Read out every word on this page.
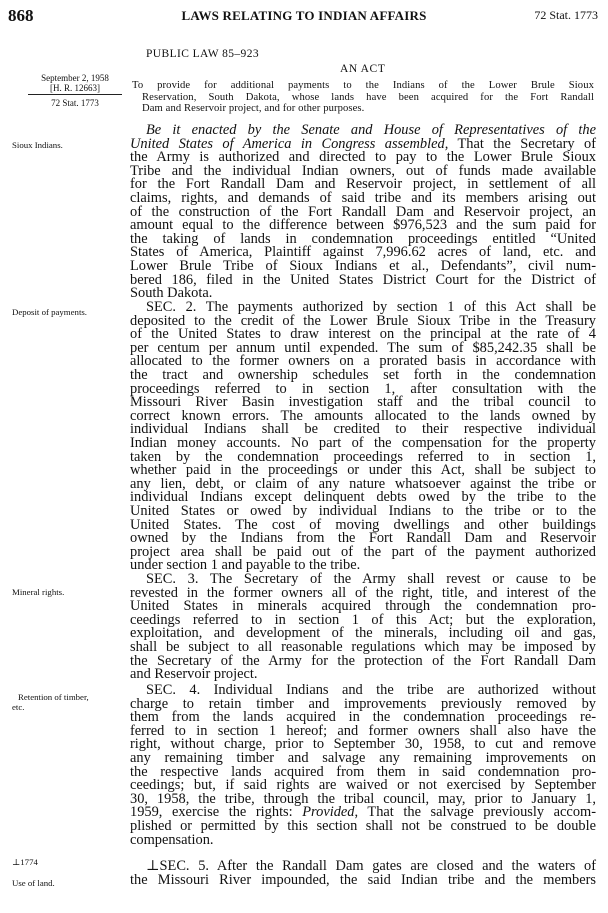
868	LAWS RELATING TO INDIAN AFFAIRS	72 Stat. 1773
PUBLIC LAW 85–923
AN ACT
To provide for additional payments to the Indians of the Lower Brule Sioux
Reservation, South Dakota, whose lands have been acquired for the Fort Randall
Dam and Reservoir project, and for other purposes.
September 2, 1958
[H. R. 12663]
72 Stat. 1773
Sioux Indians.
Deposit of payments.
Mineral rights.
Retention of timber,
etc.
⊥1774
Use of land.
Be it enacted by the Senate and House of Representatives of the
United States of America in Congress assembled, That the Secretary of
the Army is authorized and directed to pay to the Lower Brule Sioux
Tribe and the individual Indian owners, out of funds made available
for the Fort Randall Dam and Reservoir project, in settlement of all
claims, rights, and demands of said tribe and its members arising out
of the construction of the Fort Randall Dam and Reservoir project, an
amount equal to the difference between $976,523 and the sum paid for
the taking of lands in condemnation proceedings entitled “United
States of America, Plaintiff against 7,996.62 acres of land, etc. and
Lower Brule Tribe of Sioux Indians et al., Defendants”, civil num-
bered 186, filed in the United States District Court for the District of
South Dakota.
SEC. 2. The payments authorized by section 1 of this Act shall be
deposited to the credit of the Lower Brule Sioux Tribe in the Treasury
of the United States to draw interest on the principal at the rate of 4
per centum per annum until expended. The sum of $85,242.35 shall be
allocated to the former owners on a prorated basis in accordance with
the tract and ownership schedules set forth in the condemnation
proceedings referred to in section 1, after consultation with the
Missouri River Basin investigation staff and the tribal council to
correct known errors. The amounts allocated to the lands owned by
individual Indians shall be credited to their respective individual
Indian money accounts. No part of the compensation for the property
taken by the condemnation proceedings referred to in section 1,
whether paid in the proceedings or under this Act, shall be subject to
any lien, debt, or claim of any nature whatsoever against the tribe or
individual Indians except delinquent debts owed by the tribe to the
United States or owed by individual Indians to the tribe or to the
United States. The cost of moving dwellings and other buildings
owned by the Indians from the Fort Randall Dam and Reservoir
project area shall be paid out of the part of the payment authorized
under section 1 and payable to the tribe.
SEC. 3. The Secretary of the Army shall revest or cause to be
revested in the former owners all of the right, title, and interest of the
United States in minerals acquired through the condemnation pro-
ceedings referred to in section 1 of this Act; but the exploration,
exploitation, and development of the minerals, including oil and gas,
shall be subject to all reasonable regulations which may be imposed by
the Secretary of the Army for the protection of the Fort Randall Dam
and Reservoir project.
SEC. 4. Individual Indians and the tribe are authorized without
charge to retain timber and improvements previously removed by
them from the lands acquired in the condemnation proceedings re-
ferred to in section 1 hereof; and former owners shall also have the
right, without charge, prior to September 30, 1958, to cut and remove
any remaining timber and salvage any remaining improvements on
the respective lands acquired from them in said condemnation pro-
ceedings; but, if said rights are waived or not exercised by September
30, 1958, the tribe, through the tribal council, may, prior to January 1,
1959, exercise the rights: Provided, That the salvage previously accom-
plished or permitted by this section shall not be construed to be double
compensation.
⊥SEC. 5. After the Randall Dam gates are closed and the waters of
the Missouri River impounded, the said Indian tribe and the members
